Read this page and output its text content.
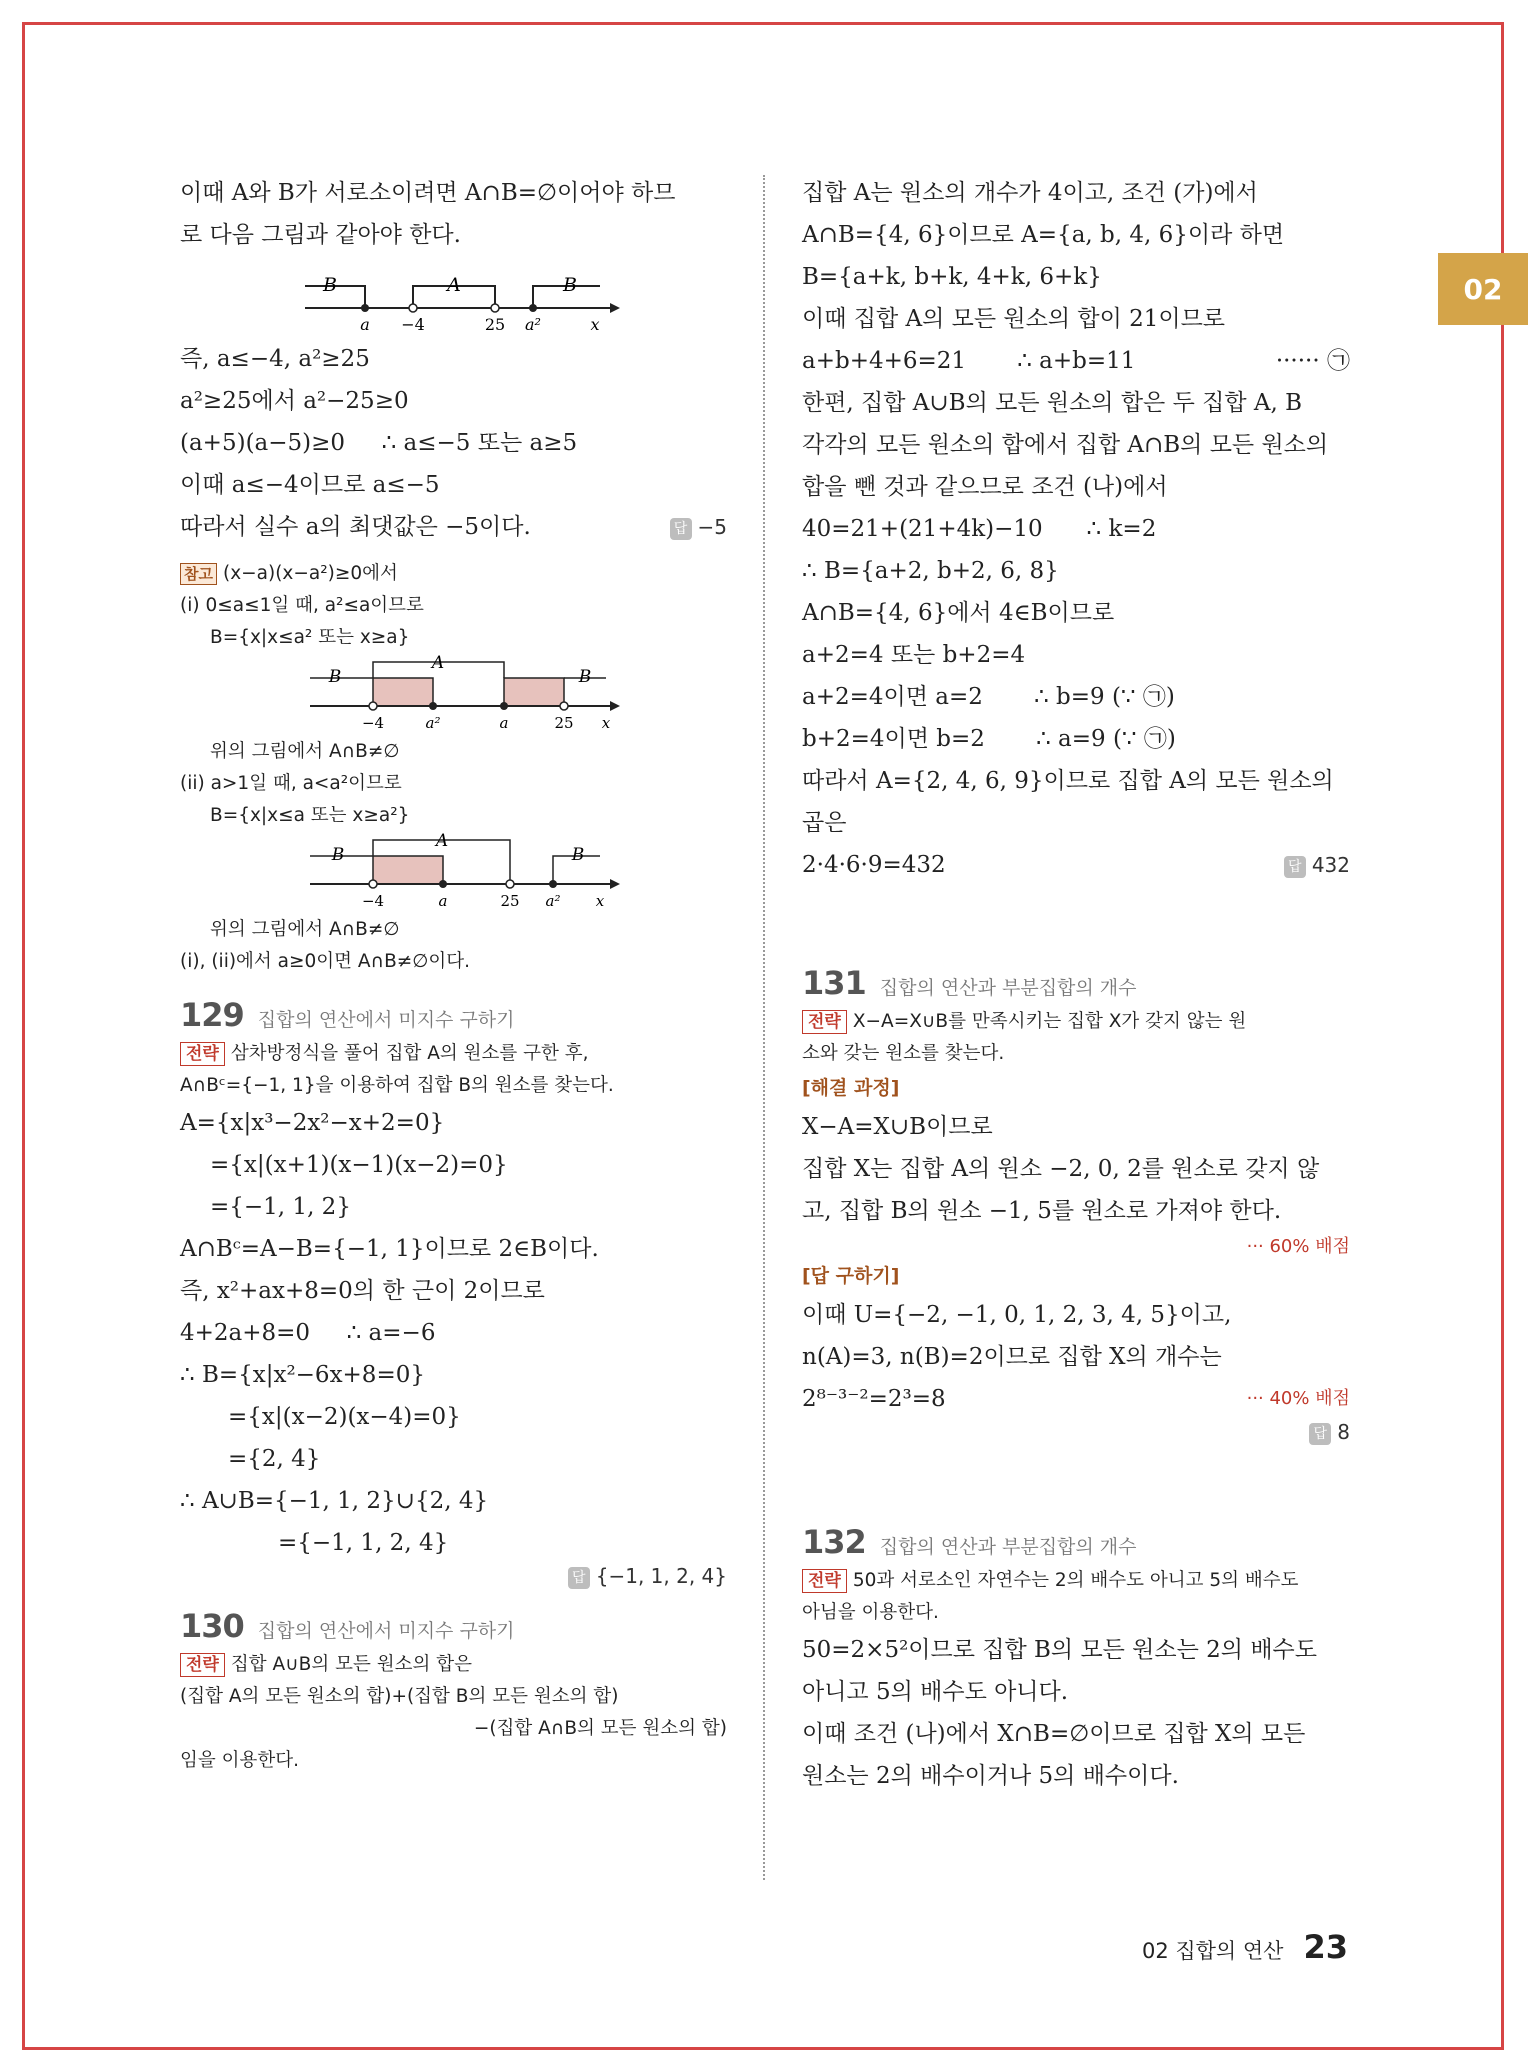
02
이때 A와 B가 서로소이려면 A∩B=∅이어야 하므
로 다음 그림과 같아야 한다.
B	A	B
a −4	25 a²	x
즉, a≤−4, a²≥25
a²≥25에서 a²−25≥0
(a+5)(a−5)≥0     ∴ a≤−5 또는 a≥5
이때 a≤−4이므로 a≤−5
따라서 실수 a의 최댓값은 −5이다.	답 −5
참고 (x−a)(x−a²)≥0에서
(i) 0≤a≤1일 때, a²≤a이므로
B={x|x≤a² 또는 x≥a}
B
A
B
−4	a²	a	25 x
위의 그림에서 A∩B≠∅
(ii) a>1일 때, a<a²이므로
B={x|x≤a 또는 x≥a²}
B
A
B
−4	a	25 a² x
위의 그림에서 A∩B≠∅
(i), (ii)에서 a≥0이면 A∩B≠∅이다.
129 집합의 연산에서 미지수 구하기
전략 삼차방정식을 풀어 집합 A의 원소를 구한 후,
A∩Bᶜ={−1, 1}을 이용하여 집합 B의 원소를 찾는다.
A={x|x³−2x²−x+2=0}
={x|(x+1)(x−1)(x−2)=0}
={−1, 1, 2}
A∩Bᶜ=A−B={−1, 1}이므로 2∈B이다.
즉, x²+ax+8=0의 한 근이 2이므로
4+2a+8=0     ∴ a=−6
∴ B={x|x²−6x+8=0}
={x|(x−2)(x−4)=0}
={2, 4}
∴ A∪B={−1, 1, 2}∪{2, 4}
={−1, 1, 2, 4}
답 {−1, 1, 2, 4}
130 집합의 연산에서 미지수 구하기
전략 집합 A∪B의 모든 원소의 합은
(집합 A의 모든 원소의 합)+(집합 B의 모든 원소의 합)
−(집합 A∩B의 모든 원소의 합)
임을 이용한다.
집합 A는 원소의 개수가 4이고, 조건 (가)에서
A∩B={4, 6}이므로 A={a, b, 4, 6}이라 하면
B={a+k, b+k, 4+k, 6+k}
이때 집합 A의 모든 원소의 합이 21이므로
a+b+4+6=21       ∴ a+b=11	······ ㉠
한편, 집합 A∪B의 모든 원소의 합은 두 집합 A, B
각각의 모든 원소의 합에서 집합 A∩B의 모든 원소의
합을 뺀 것과 같으므로 조건 (나)에서
40=21+(21+4k)−10      ∴ k=2
∴ B={a+2, b+2, 6, 8}
A∩B={4, 6}에서 4∈B이므로
a+2=4 또는 b+2=4
a+2=4이면 a=2       ∴ b=9 (∵ ㉠)
b+2=4이면 b=2       ∴ a=9 (∵ ㉠)
따라서 A={2, 4, 6, 9}이므로 집합 A의 모든 원소의
곱은
2·4·6·9=432	답 432
131 집합의 연산과 부분집합의 개수
전략 X−A=X∪B를 만족시키는 집합 X가 갖지 않는 원
소와 갖는 원소를 찾는다.
[해결 과정]
X−A=X∪B이므로
집합 X는 집합 A의 원소 −2, 0, 2를 원소로 갖지 않
고, 집합 B의 원소 −1, 5를 원소로 가져야 한다.
··· 60% 배점
[답 구하기]
이때 U={−2, −1, 0, 1, 2, 3, 4, 5}이고,
n(A)=3, n(B)=2이므로 집합 X의 개수는
2⁸⁻³⁻²=2³=8	··· 40% 배점
답 8
132 집합의 연산과 부분집합의 개수
전략 50과 서로소인 자연수는 2의 배수도 아니고 5의 배수도
아님을 이용한다.
50=2×5²이므로 집합 B의 모든 원소는 2의 배수도
아니고 5의 배수도 아니다.
이때 조건 (나)에서 X∩B=∅이므로 집합 X의 모든
원소는 2의 배수이거나 5의 배수이다.
02 집합의 연산 23
